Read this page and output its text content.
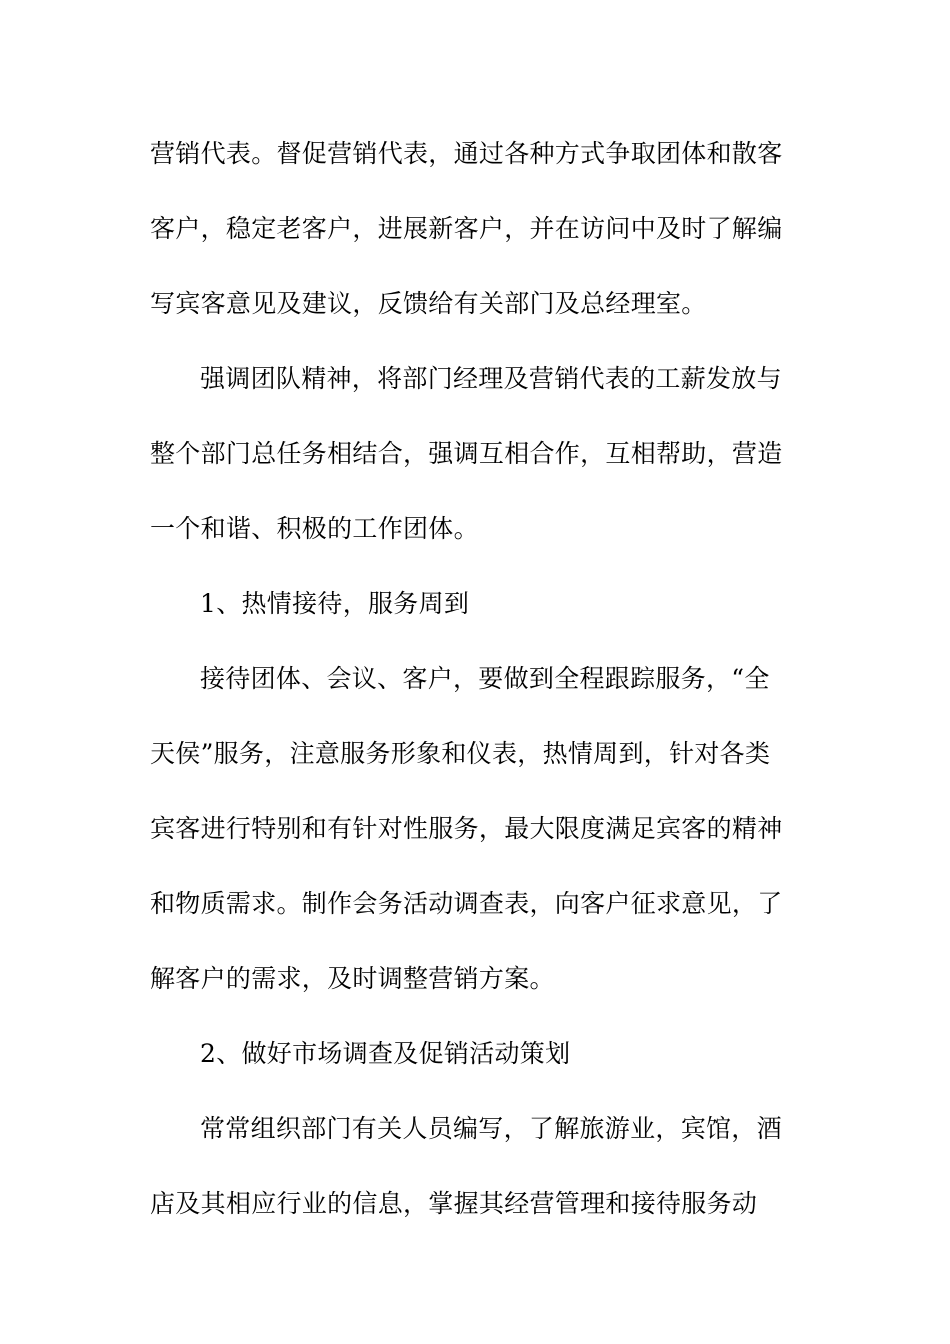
营销代表。督促营销代表，通过各种方式争取团体和散客
客户，稳定老客户，进展新客户，并在访问中及时了解编
写宾客意见及建议，反馈给有关部门及总经理室。
强调团队精神，将部门经理及营销代表的工薪发放与
整个部门总任务相结合，强调互相合作，互相帮助，营造
一个和谐、积极的工作团体。
1、热情接待，服务周到
接待团体、会议、客户，要做到全程跟踪服务，“全
天侯”服务，注意服务形象和仪表，热情周到，针对各类
宾客进行特别和有针对性服务，最大限度满足宾客的精神
和物质需求。制作会务活动调查表，向客户征求意见，了
解客户的需求，及时调整营销方案。
2、做好市场调查及促销活动策划
常常组织部门有关人员编写，了解旅游业，宾馆，酒
店及其相应行业的信息，掌握其经营管理和接待服务动
